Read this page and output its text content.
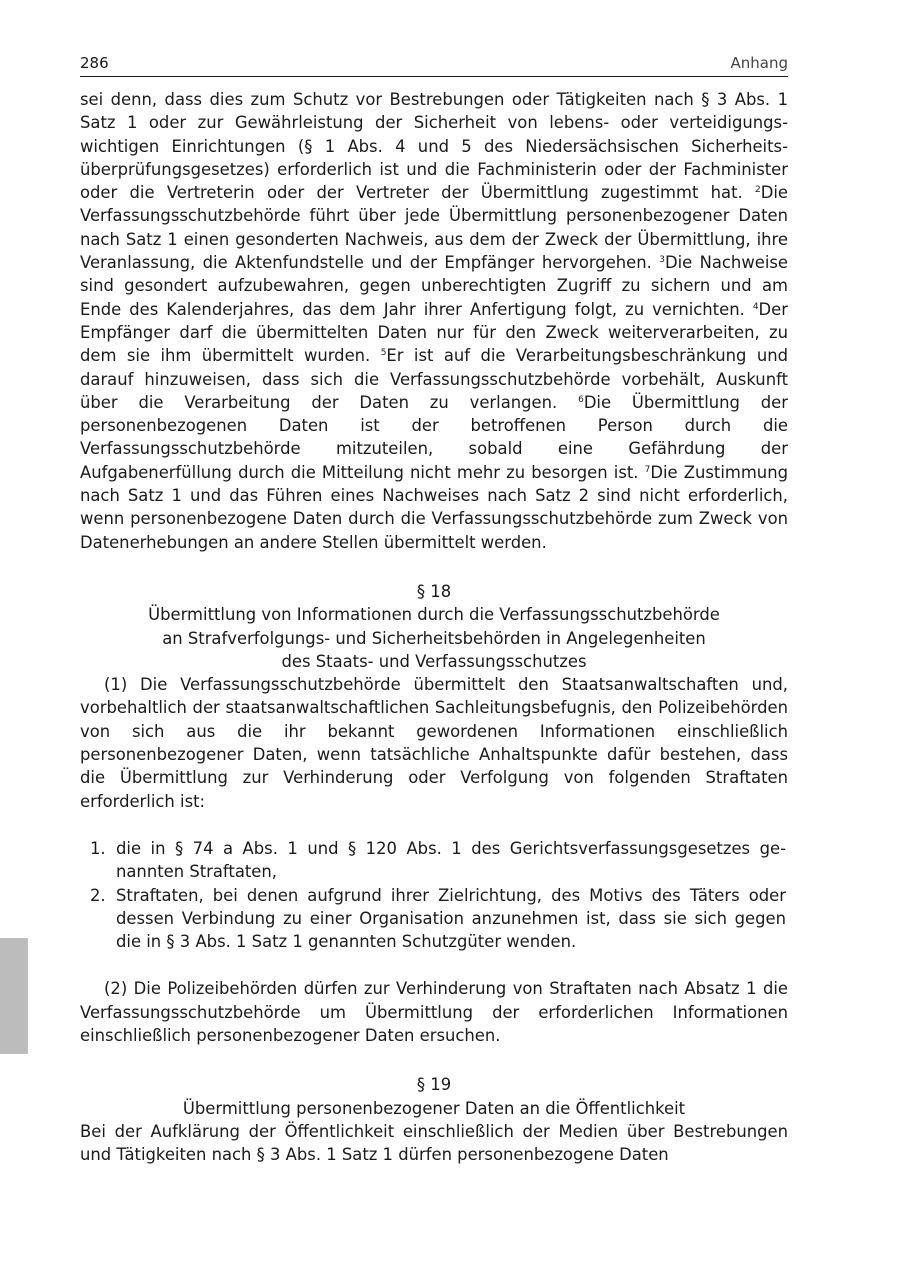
286	Anhang

sei denn, dass dies zum Schutz vor Bestrebungen oder Tätigkeiten nach § 3 Abs. 1 Satz 1 oder zur Gewährleistung der Sicherheit von lebens- oder verteidigungswichtigen Einrichtungen (§ 1 Abs. 4 und 5 des Niedersächsischen Sicherheitsüberprüfungsgesetzes) erforderlich ist und die Fachministerin oder der Fachminister oder die Vertreterin oder der Vertreter der Übermittlung zugestimmt hat. $^2$Die Verfassungsschutzbehörde führt über jede Übermittlung personenbezogener Daten nach Satz 1 einen gesonderten Nachweis, aus dem der Zweck der Übermittlung, ihre Veranlassung, die Aktenfundstelle und der Empfänger hervorgehen. $^3$Die Nachweise sind gesondert aufzubewahren, gegen unberechtigten Zugriff zu sichern und am Ende des Kalenderjahres, das dem Jahr ihrer Anfertigung folgt, zu vernichten. $^4$Der Empfänger darf die übermittelten Daten nur für den Zweck weiterverarbeiten, zu dem sie ihm übermittelt wurden. $^5$Er ist auf die Verarbeitungsbeschränkung und darauf hinzuweisen, dass sich die Verfassungsschutzbehörde vorbehält, Auskunft über die Verarbeitung der Daten zu verlangen. $^6$Die Übermittlung der personenbezogenen Daten ist der betroffenen Person durch die Verfassungsschutzbehörde mitzuteilen, sobald eine Gefährdung der Aufgabenerfüllung durch die Mitteilung nicht mehr zu besorgen ist. $^7$Die Zustimmung nach Satz 1 und das Führen eines Nachweises nach Satz 2 sind nicht erforderlich, wenn personenbezogene Daten durch die Verfassungsschutzbehörde zum Zweck von Datenerhebungen an andere Stellen übermittelt werden.

§ 18
Übermittlung von Informationen durch die Verfassungsschutzbehörde
an Strafverfolgungs- und Sicherheitsbehörden in Angelegenheiten
des Staats- und Verfassungsschutzes

(1) Die Verfassungsschutzbehörde übermittelt den Staatsanwaltschaften und, vorbehaltlich der staatsanwaltschaftlichen Sachleitungsbefugnis, den Polizeibehörden von sich aus die ihr bekannt gewordenen Informationen einschließlich personenbezogener Daten, wenn tatsächliche Anhaltspunkte dafür bestehen, dass die Übermittlung zur Verhinderung oder Verfolgung von folgenden Straftaten erforderlich ist:

1. die in § 74 a Abs. 1 und § 120 Abs. 1 des Gerichtsverfassungsgesetzes genannten Straftaten,
2. Straftaten, bei denen aufgrund ihrer Zielrichtung, des Motivs des Täters oder dessen Verbindung zu einer Organisation anzunehmen ist, dass sie sich gegen die in § 3 Abs. 1 Satz 1 genannten Schutzgüter wenden.

(2) Die Polizeibehörden dürfen zur Verhinderung von Straftaten nach Absatz 1 die Verfassungsschutzbehörde um Übermittlung der erforderlichen Informationen einschließlich personenbezogener Daten ersuchen.

§ 19
Übermittlung personenbezogener Daten an die Öffentlichkeit

Bei der Aufklärung der Öffentlichkeit einschließlich der Medien über Bestrebungen und Tätigkeiten nach § 3 Abs. 1 Satz 1 dürfen personenbezogene Daten
